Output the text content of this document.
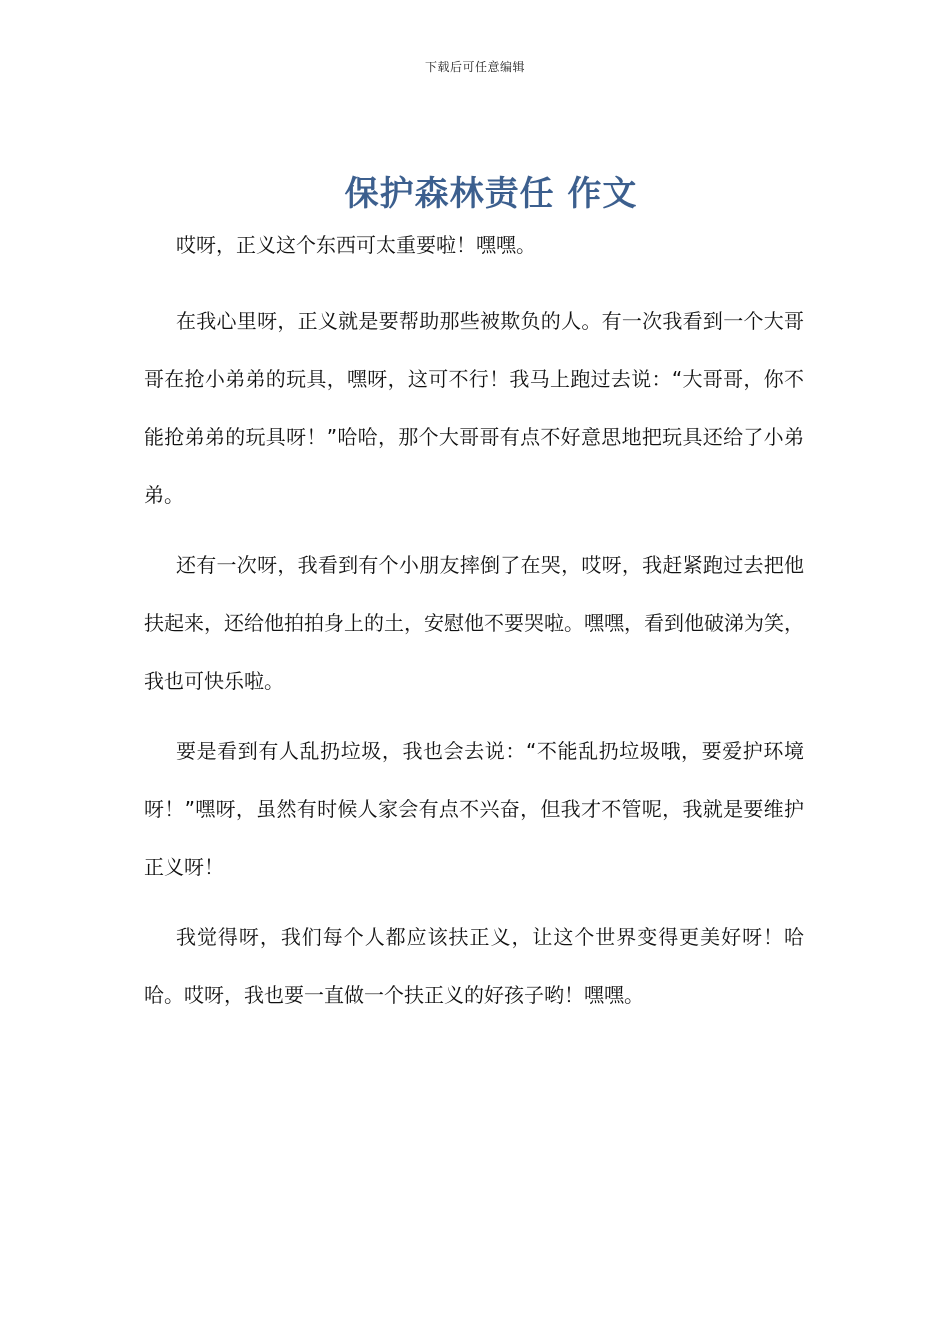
下载后可任意编辑
保护森林责任 作文

哎呀，正义这个东西可太重要啦！嘿嘿。

在我心里呀，正义就是要帮助那些被欺负的人。有一次我看到一个大哥哥在抢小弟弟的玩具，嘿呀，这可不行！我马上跑过去说：“大哥哥，你不能抢弟弟的玩具呀！”哈哈，那个大哥哥有点不好意思地把玩具还给了小弟弟。

还有一次呀，我看到有个小朋友摔倒了在哭，哎呀，我赶紧跑过去把他扶起来，还给他拍拍身上的土，安慰他不要哭啦。嘿嘿，看到他破涕为笑，我也可快乐啦。

要是看到有人乱扔垃圾，我也会去说：“不能乱扔垃圾哦，要爱护环境呀！”嘿呀，虽然有时候人家会有点不兴奋，但我才不管呢，我就是要维护正义呀！

我觉得呀，我们每个人都应该扶正义，让这个世界变得更美好呀！哈哈。哎呀，我也要一直做一个扶正义的好孩子哟！嘿嘿。
